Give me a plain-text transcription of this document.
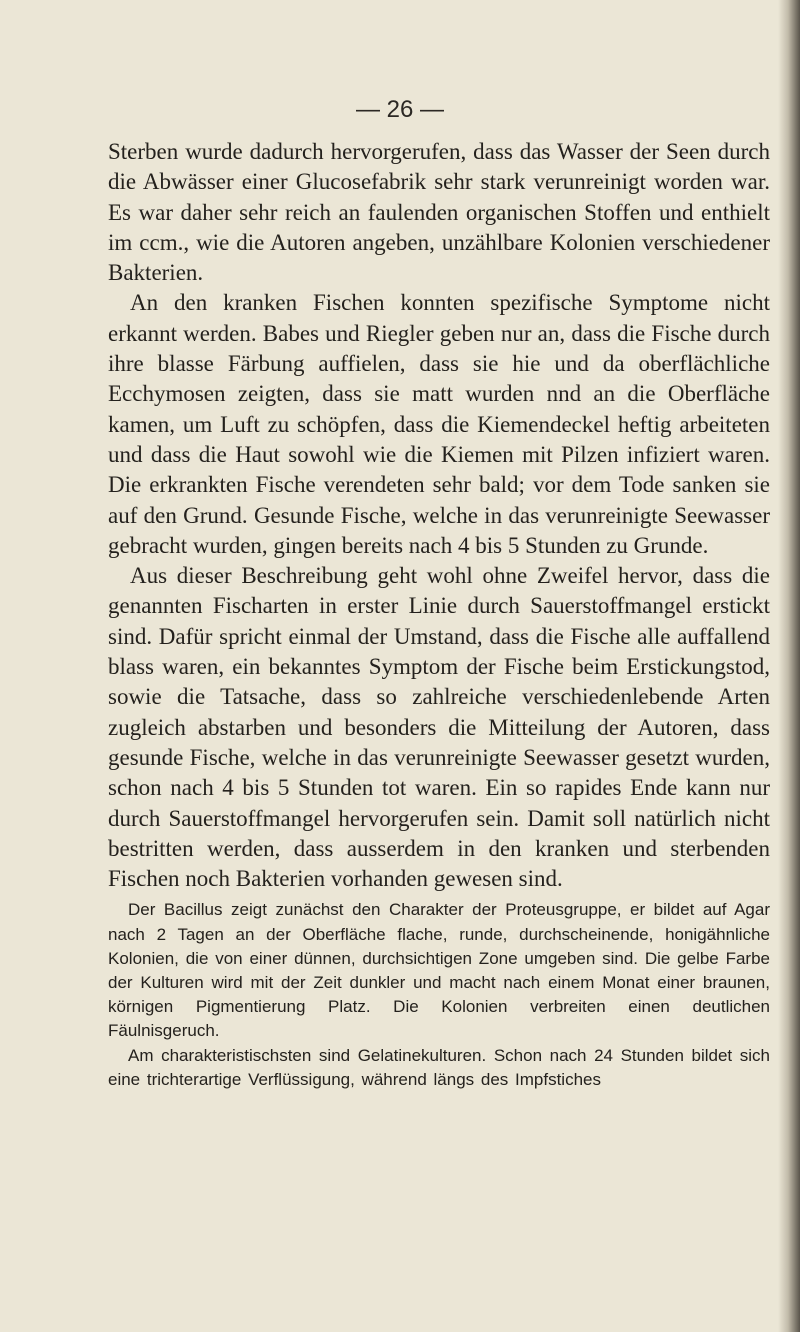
— 26 —

Sterben wurde dadurch hervorgerufen, dass das Wasser der Seen durch die Abwässer einer Glucosefabrik sehr stark verunreinigt worden war. Es war daher sehr reich an faulenden organischen Stoffen und enthielt im ccm., wie die Autoren angeben, unzählbare Kolonien verschiedener Bakterien.

An den kranken Fischen konnten spezifische Symptome nicht erkannt werden. Babes und Riegler geben nur an, dass die Fische durch ihre blasse Färbung auffielen, dass sie hie und da oberflächliche Ecchymosen zeigten, dass sie matt wurden nnd an die Oberfläche kamen, um Luft zu schöpfen, dass die Kiemendeckel heftig arbeiteten und dass die Haut sowohl wie die Kiemen mit Pilzen infiziert waren. Die erkrankten Fische verendeten sehr bald; vor dem Tode sanken sie auf den Grund. Gesunde Fische, welche in das verunreinigte Seewasser gebracht wurden, gingen bereits nach 4 bis 5 Stunden zu Grunde.

Aus dieser Beschreibung geht wohl ohne Zweifel hervor, dass die genannten Fischarten in erster Linie durch Sauerstoffmangel erstickt sind. Dafür spricht einmal der Umstand, dass die Fische alle auffallend blass waren, ein bekanntes Symptom der Fische beim Erstickungstod, sowie die Tatsache, dass so zahlreiche verschiedenlebende Arten zugleich abstarben und besonders die Mitteilung der Autoren, dass gesunde Fische, welche in das verunreinigte Seewasser gesetzt wurden, schon nach 4 bis 5 Stunden tot waren. Ein so rapides Ende kann nur durch Sauerstoffmangel hervorgerufen sein. Damit soll natürlich nicht bestritten werden, dass ausserdem in den kranken und sterbenden Fischen noch Bakterien vorhanden gewesen sind.

Der Bacillus zeigt zunächst den Charakter der Proteusgruppe, er bildet auf Agar nach 2 Tagen an der Oberfläche flache, runde, durchscheinende, honigähnliche Kolonien, die von einer dünnen, durchsichtigen Zone umgeben sind. Die gelbe Farbe der Kulturen wird mit der Zeit dunkler und macht nach einem Monat einer braunen, körnigen Pigmentierung Platz. Die Kolonien verbreiten einen deutlichen Fäulnisgeruch.

Am charakteristischsten sind Gelatinekulturen. Schon nach 24 Stunden bildet sich eine trichterartige Verflüssigung, während längs des Impfstiches
